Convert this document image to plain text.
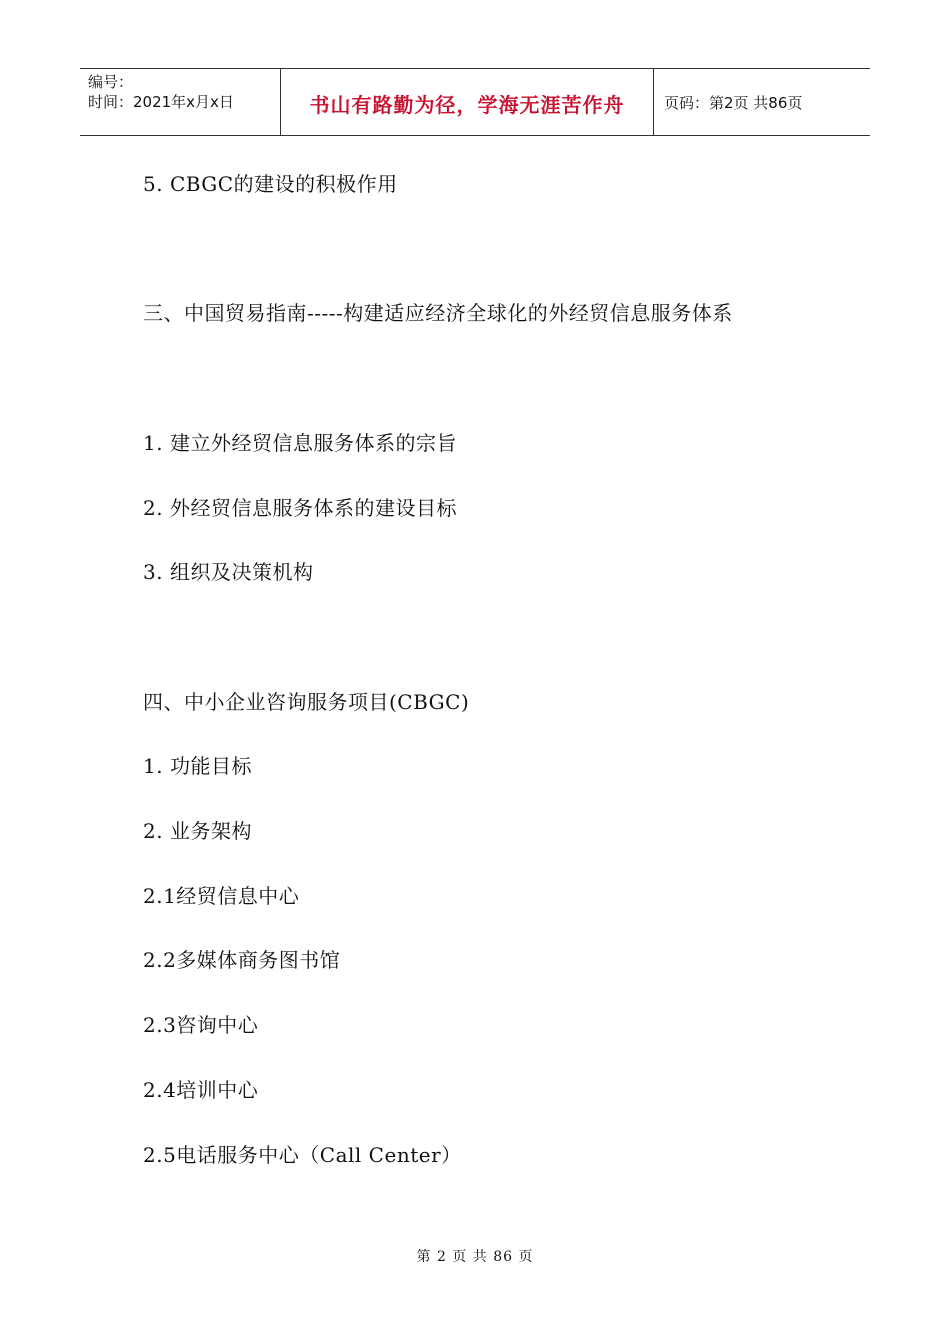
编号：
时间：2021年x月x日	书山有路勤为径，学海无涯苦作舟	页码：第2页 共86页
5. CBGC的建设的积极作用
三、中国贸易指南-----构建适应经济全球化的外经贸信息服务体系
1. 建立外经贸信息服务体系的宗旨
2. 外经贸信息服务体系的建设目标
3. 组织及决策机构
四、中小企业咨询服务项目(CBGC)
1. 功能目标
2. 业务架构
2.1经贸信息中心
2.2多媒体商务图书馆
2.3咨询中心
2.4培训中心
2.5电话服务中心（Call Center）
第 2 页 共 86 页
